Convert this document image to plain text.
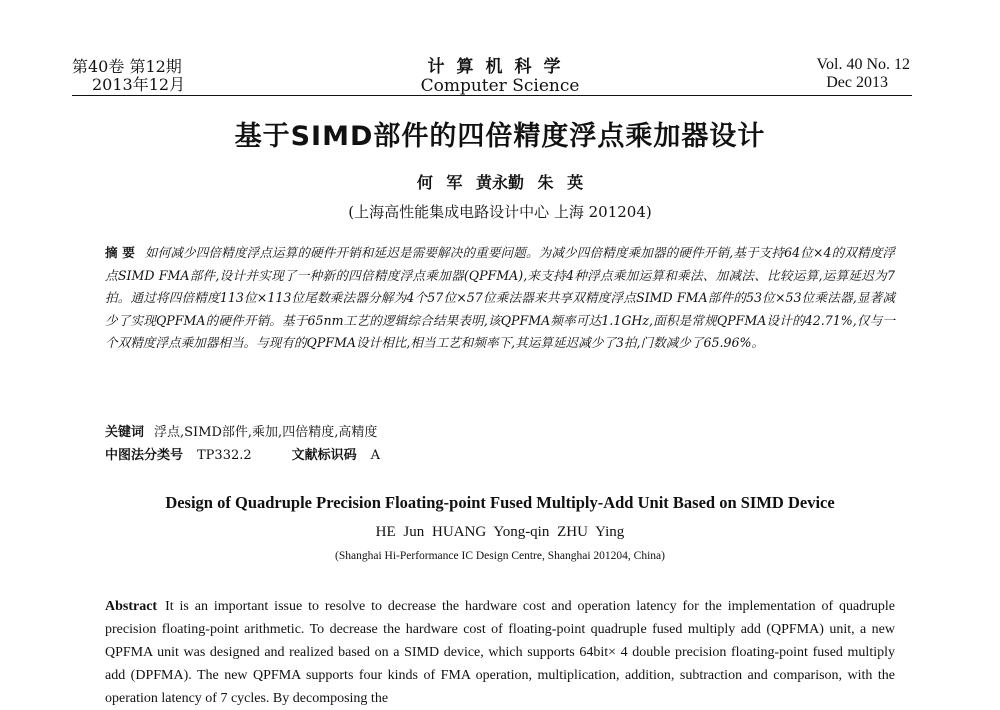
第40卷 第12期
2013年12月
计算机科学
Computer Science
Vol. 40 No. 12
Dec 2013
基于SIMD部件的四倍精度浮点乘加器设计
何 军 黄永勤 朱 英
(上海高性能集成电路设计中心 上海 201204)
摘 要 如何减少四倍精度浮点运算的硬件开销和延迟是需要解决的重要问题。为减少四倍精度乘加器的硬件开销,基于支持64位×4的双精度浮点SIMD FMA部件,设计并实现了一种新的四倍精度浮点乘加器(QPFMA),来支持4种浮点乘加运算和乘法、加减法、比较运算,运算延迟为7拍。通过将四倍精度113位×113位尾数乘法器分解为4个57位×57位乘法器来共享双精度浮点SIMD FMA部件的53位×53位乘法器,显著减少了实现QPFMA的硬件开销。基于65nm工艺的逻辑综合结果表明,该QPFMA频率可达1.1GHz,面积是常规QPFMA设计的42.71%,仅与一个双精度浮点乘加器相当。与现有的QPFMA设计相比,相当工艺和频率下,其运算延迟减少了3拍,门数减少了65.96%。
关键词 浮点,SIMD部件,乘加,四倍精度,高精度
中图法分类号 TP332.2	文献标识码 A
Design of Quadruple Precision Floating-point Fused Multiply-Add Unit Based on SIMD Device
HE Jun HUANG Yong-qin ZHU Ying
(Shanghai Hi-Performance IC Design Centre, Shanghai 201204, China)
Abstract It is an important issue to resolve to decrease the hardware cost and operation latency for the implementation of quadruple precision floating-point arithmetic. To decrease the hardware cost of floating-point quadruple fused multiply add (QPFMA) unit, a new QPFMA unit was designed and realized based on a SIMD device, which supports 64bit× 4 double precision floating-point fused multiply add (DPFMA). The new QPFMA supports four kinds of FMA operation, multiplication, addition, subtraction and comparison, with the operation latency of 7 cycles. By decomposing the
